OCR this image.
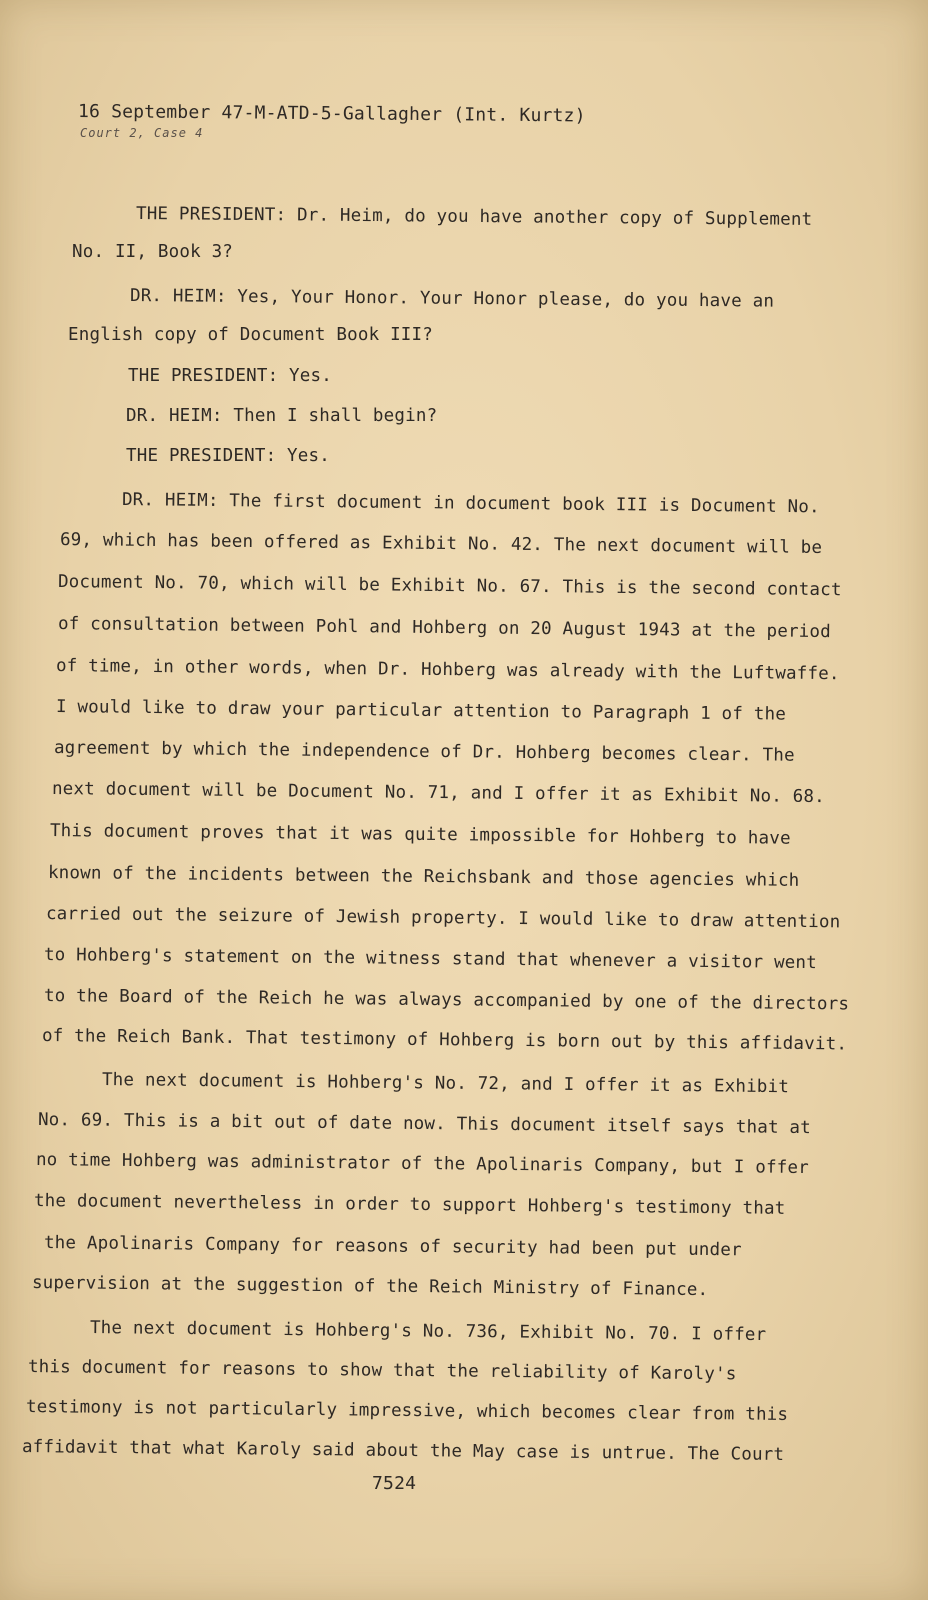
16 September 47-M-ATD-5-Gallagher (Int. Kurtz)
Court 2, Case 4
THE PRESIDENT: Dr. Heim, do you have another copy of Supplement
No. II, Book 3?
DR. HEIM: Yes, Your Honor. Your Honor please, do you have an
English copy of Document Book III?
THE PRESIDENT: Yes.
DR. HEIM: Then I shall begin?
THE PRESIDENT: Yes.
DR. HEIM: The first document in document book III is Document No.
69, which has been offered as Exhibit No. 42. The next document will be
Document No. 70, which will be Exhibit No. 67. This is the second contact
of consultation between Pohl and Hohberg on 20 August 1943 at the period
of time, in other words, when Dr. Hohberg was already with the Luftwaffe.
I would like to draw your particular attention to Paragraph 1 of the
agreement by which the independence of Dr. Hohberg becomes clear. The
next document will be Document No. 71, and I offer it as Exhibit No. 68.
This document proves that it was quite impossible for Hohberg to have
known of the incidents between the Reichsbank and those agencies which
carried out the seizure of Jewish property. I would like to draw attention
to Hohberg's statement on the witness stand that whenever a visitor went
to the Board of the Reich he was always accompanied by one of the directors
of the Reich Bank. That testimony of Hohberg is born out by this affidavit.
The next document is Hohberg's No. 72, and I offer it as Exhibit
No. 69. This is a bit out of date now. This document itself says that at
no time Hohberg was administrator of the Apolinaris Company, but I offer
the document nevertheless in order to support Hohberg's testimony that
the Apolinaris Company for reasons of security had been put under
supervision at the suggestion of the Reich Ministry of Finance.
The next document is Hohberg's No. 736, Exhibit No. 70. I offer
this document for reasons to show that the reliability of Karoly's
testimony is not particularly impressive, which becomes clear from this
affidavit that what Karoly said about the May case is untrue. The Court
7524
